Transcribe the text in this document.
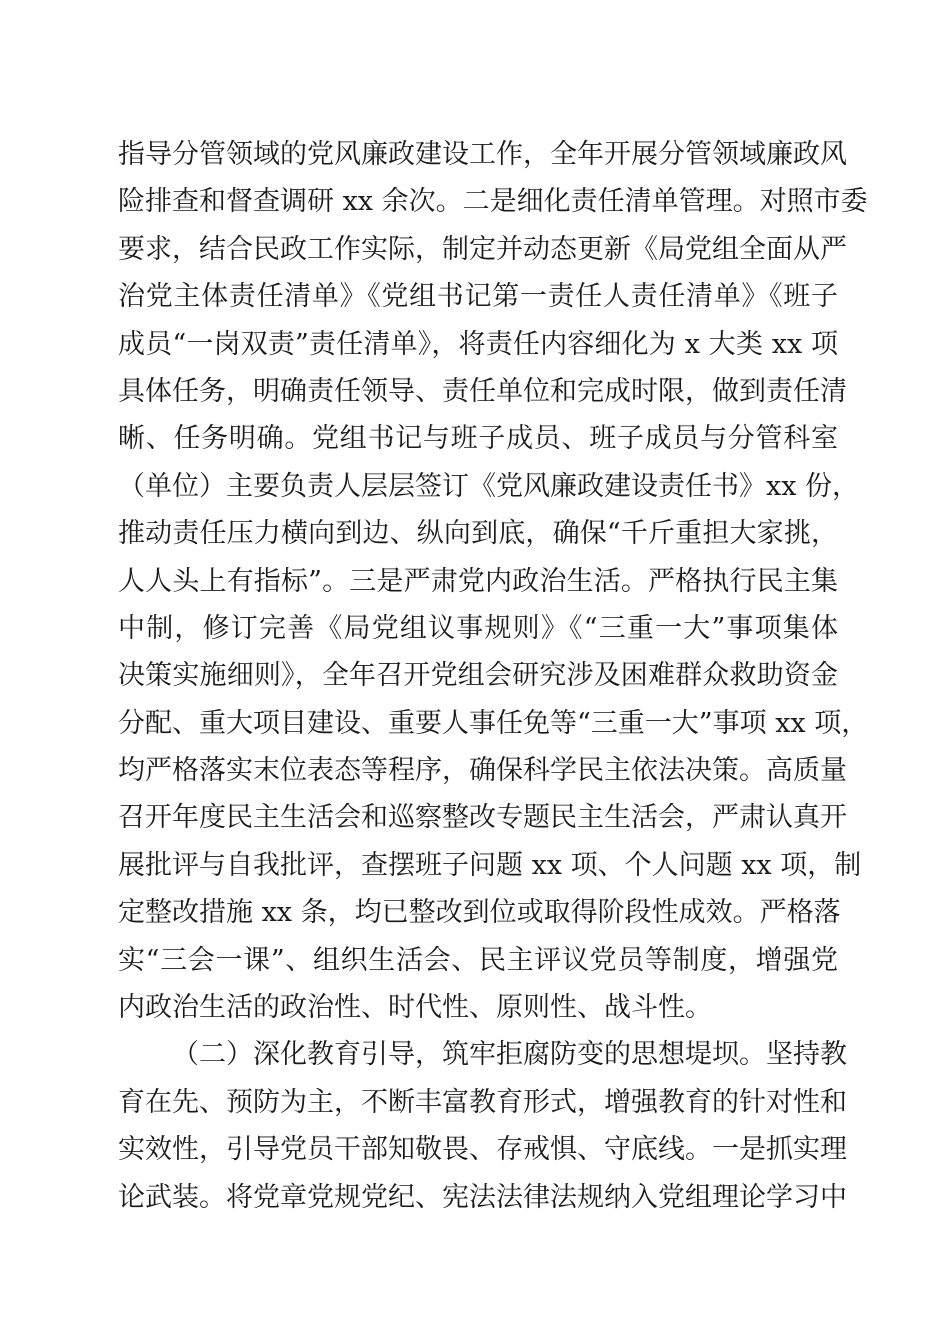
指导分管领域的党风廉政建设工作，全年开展分管领域廉政风
险排查和督查调研 xx 余次。二是细化责任清单管理。对照市委
要求，结合民政工作实际，制定并动态更新《局党组全面从严
治党主体责任清单》《党组书记第一责任人责任清单》《班子
成员“一岗双责”责任清单》，将责任内容细化为 x 大类 xx 项
具体任务，明确责任领导、责任单位和完成时限，做到责任清
晰、任务明确。党组书记与班子成员、班子成员与分管科室
（单位）主要负责人层层签订《党风廉政建设责任书》xx 份，
推动责任压力横向到边、纵向到底，确保“千斤重担大家挑，
人人头上有指标”。三是严肃党内政治生活。严格执行民主集
中制，修订完善《局党组议事规则》《“三重一大”事项集体
决策实施细则》，全年召开党组会研究涉及困难群众救助资金
分配、重大项目建设、重要人事任免等“三重一大”事项 xx 项，
均严格落实末位表态等程序，确保科学民主依法决策。高质量
召开年度民主生活会和巡察整改专题民主生活会，严肃认真开
展批评与自我批评，查摆班子问题 xx 项、个人问题 xx 项，制
定整改措施 xx 条，均已整改到位或取得阶段性成效。严格落
实“三会一课”、组织生活会、民主评议党员等制度，增强党
内政治生活的政治性、时代性、原则性、战斗性。
（二）深化教育引导，筑牢拒腐防变的思想堤坝。坚持教
育在先、预防为主，不断丰富教育形式，增强教育的针对性和
实效性，引导党员干部知敬畏、存戒惧、守底线。一是抓实理
论武装。将党章党规党纪、宪法法律法规纳入党组理论学习中
